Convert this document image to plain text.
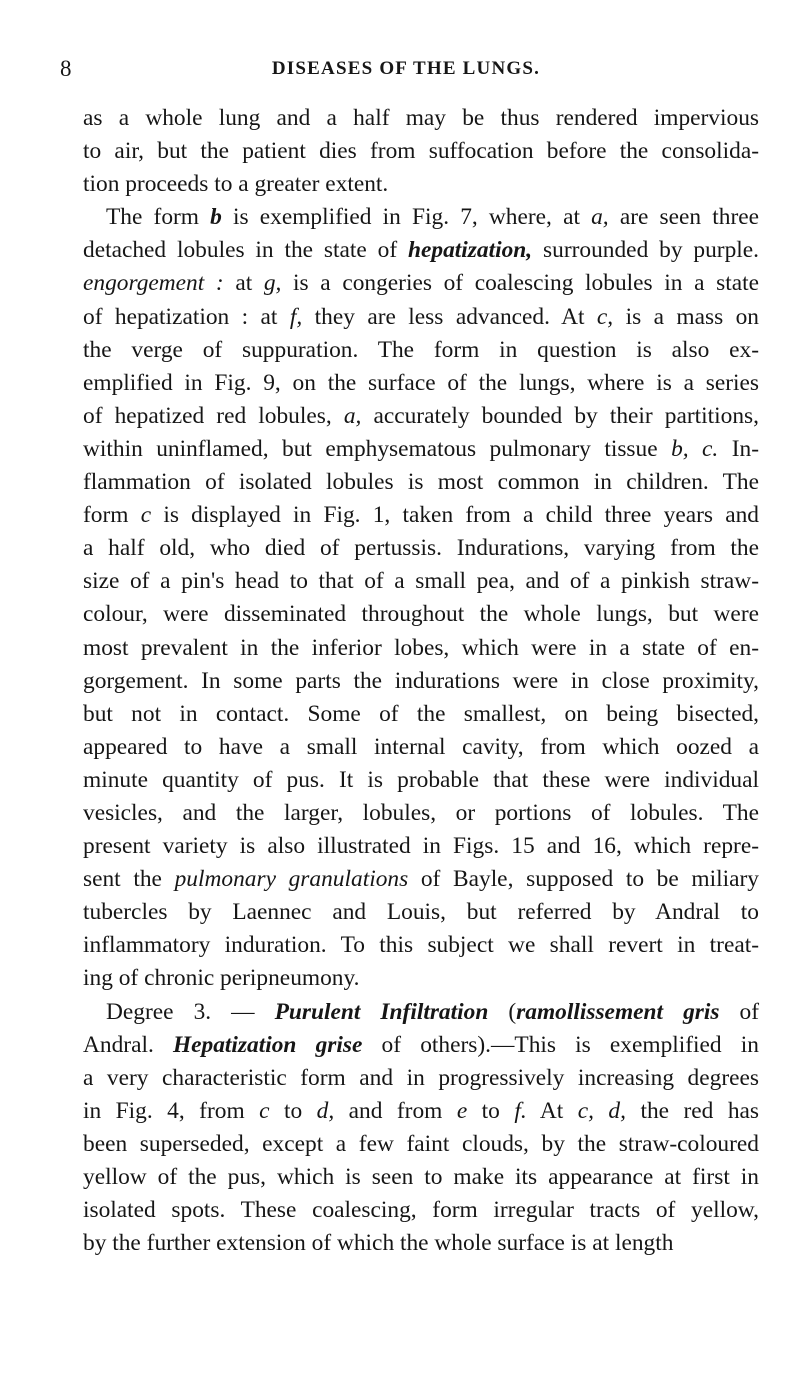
8	DISEASES OF THE LUNGS.
as a whole lung and a half may be thus rendered impervious
to air, but the patient dies from suffocation before the consolida-
tion proceeds to a greater extent.
The form b is exemplified in Fig. 7, where, at a, are seen three
detached lobules in the state of hepatization, surrounded by purple.
engorgement : at g, is a congeries of coalescing lobules in a state
of hepatization : at f, they are less advanced. At c, is a mass on
the verge of suppuration. The form in question is also ex-
emplified in Fig. 9, on the surface of the lungs, where is a series
of hepatized red lobules, a, accurately bounded by their partitions,
within uninflamed, but emphysematous pulmonary tissue b, c. In-
flammation of isolated lobules is most common in children. The
form c is displayed in Fig. 1, taken from a child three years and
a half old, who died of pertussis. Indurations, varying from the
size of a pin's head to that of a small pea, and of a pinkish straw-
colour, were disseminated throughout the whole lungs, but were
most prevalent in the inferior lobes, which were in a state of en-
gorgement. In some parts the indurations were in close proximity,
but not in contact. Some of the smallest, on being bisected,
appeared to have a small internal cavity, from which oozed a
minute quantity of pus. It is probable that these were individual
vesicles, and the larger, lobules, or portions of lobules. The
present variety is also illustrated in Figs. 15 and 16, which repre-
sent the pulmonary granulations of Bayle, supposed to be miliary
tubercles by Laennec and Louis, but referred by Andral to
inflammatory induration. To this subject we shall revert in treat-
ing of chronic peripneumony.
Degree 3. — Purulent Infiltration (ramollissement gris of
Andral. Hepatization grise of others).—This is exemplified in
a very characteristic form and in progressively increasing degrees
in Fig. 4, from c to d, and from e to f. At c, d, the red has
been superseded, except a few faint clouds, by the straw-coloured
yellow of the pus, which is seen to make its appearance at first in
isolated spots. These coalescing, form irregular tracts of yellow,
by the further extension of which the whole surface is at length
